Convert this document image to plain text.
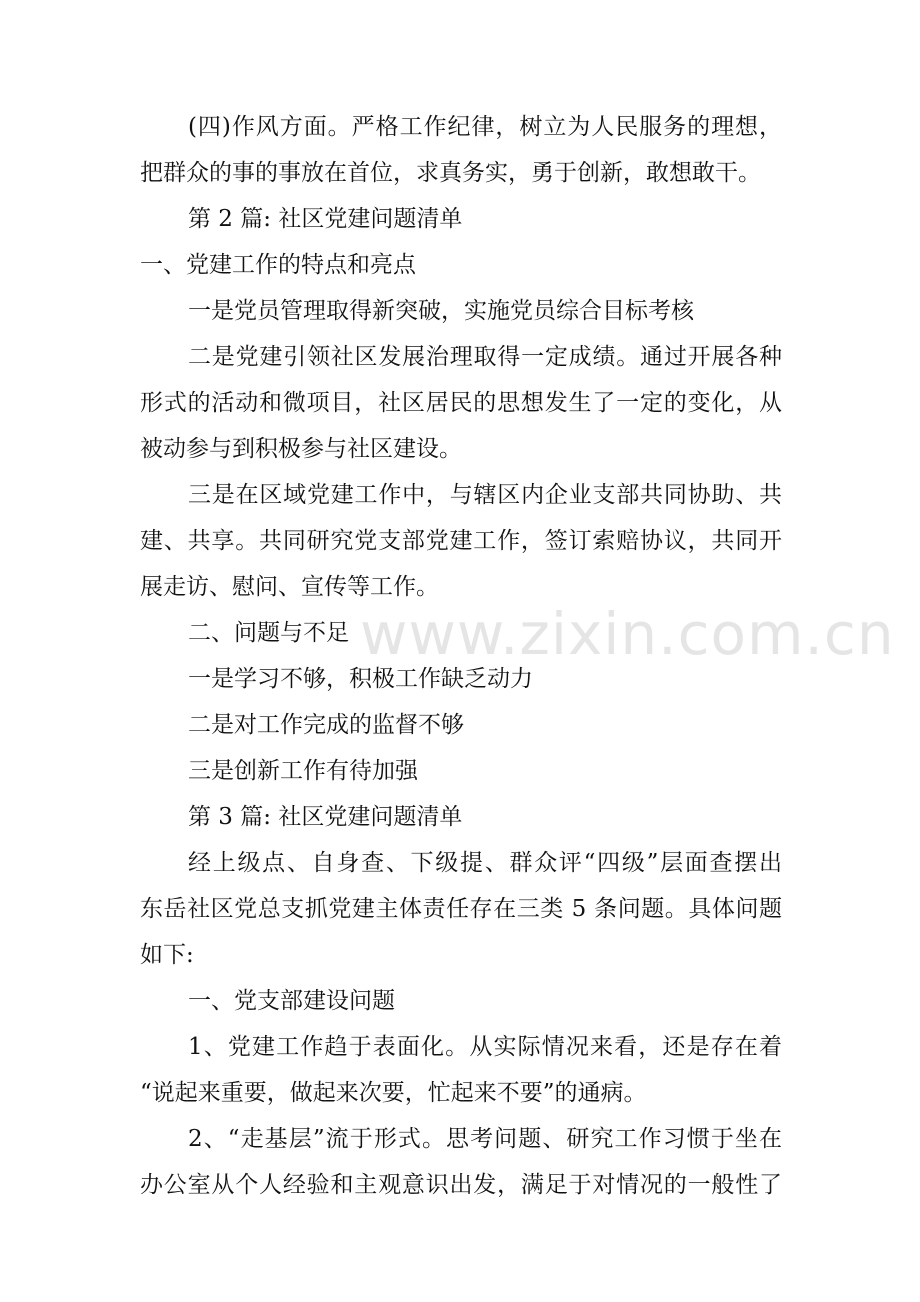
(四)作风方面。严格工作纪律，树立为人民服务的理想，
把群众的事的事放在首位，求真务实，勇于创新，敢想敢干。
第 2 篇: 社区党建问题清单
一、党建工作的特点和亮点
一是党员管理取得新突破，实施党员综合目标考核
二是党建引领社区发展治理取得一定成绩。通过开展各种
形式的活动和微项目，社区居民的思想发生了一定的变化，从
被动参与到积极参与社区建设。
三是在区域党建工作中，与辖区内企业支部共同协助、共
建、共享。共同研究党支部党建工作，签订索赔协议，共同开
展走访、慰问、宣传等工作。
二、问题与不足
一是学习不够，积极工作缺乏动力
二是对工作完成的监督不够
三是创新工作有待加强
第 3 篇: 社区党建问题清单
经上级点、自身查、下级提、群众评“四级”层面查摆出
东岳社区党总支抓党建主体责任存在三类 5 条问题。具体问题
如下:
一、党支部建设问题
1、党建工作趋于表面化。从实际情况来看，还是存在着
“说起来重要，做起来次要，忙起来不要”的通病。
2、“走基层”流于形式。思考问题、研究工作习惯于坐在
办公室从个人经验和主观意识出发，满足于对情况的一般性了
www.zixin.com.cn
